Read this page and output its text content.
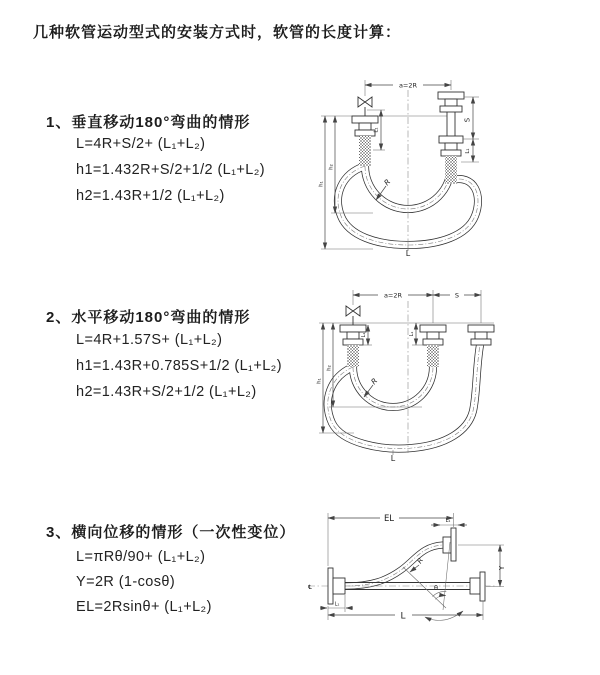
几种软管运动型式的安装方式时，软管的长度计算：
1、垂直移动180°弯曲的情形
L=4R+S/2+ (L₁+L₂)
h1=1.432R+S/2+1/2 (L₁+L₂)
h2=1.43R+1/2 (L₁+L₂)
2、水平移动180°弯曲的情形
L=4R+1.57S+ (L₁+L₂)
h1=1.43R+0.785S+1/2 (L₁+L₂)
h2=1.43R+S/2+1/2 (L₁+L₂)
3、横向位移的情形（一次性变位）
L=πRθ/90+ (L₁+L₂)
Y=2R (1-cosθ)
EL=2Rsinθ+ (L₁+L₂)
a=2R
S
L₁
L₁
h₁
h₂
R
L
a=2R	S
h₁
h₂
L₁	L₁
R
L
℄	θ
EL	L₁
Y
R
L
L₁
